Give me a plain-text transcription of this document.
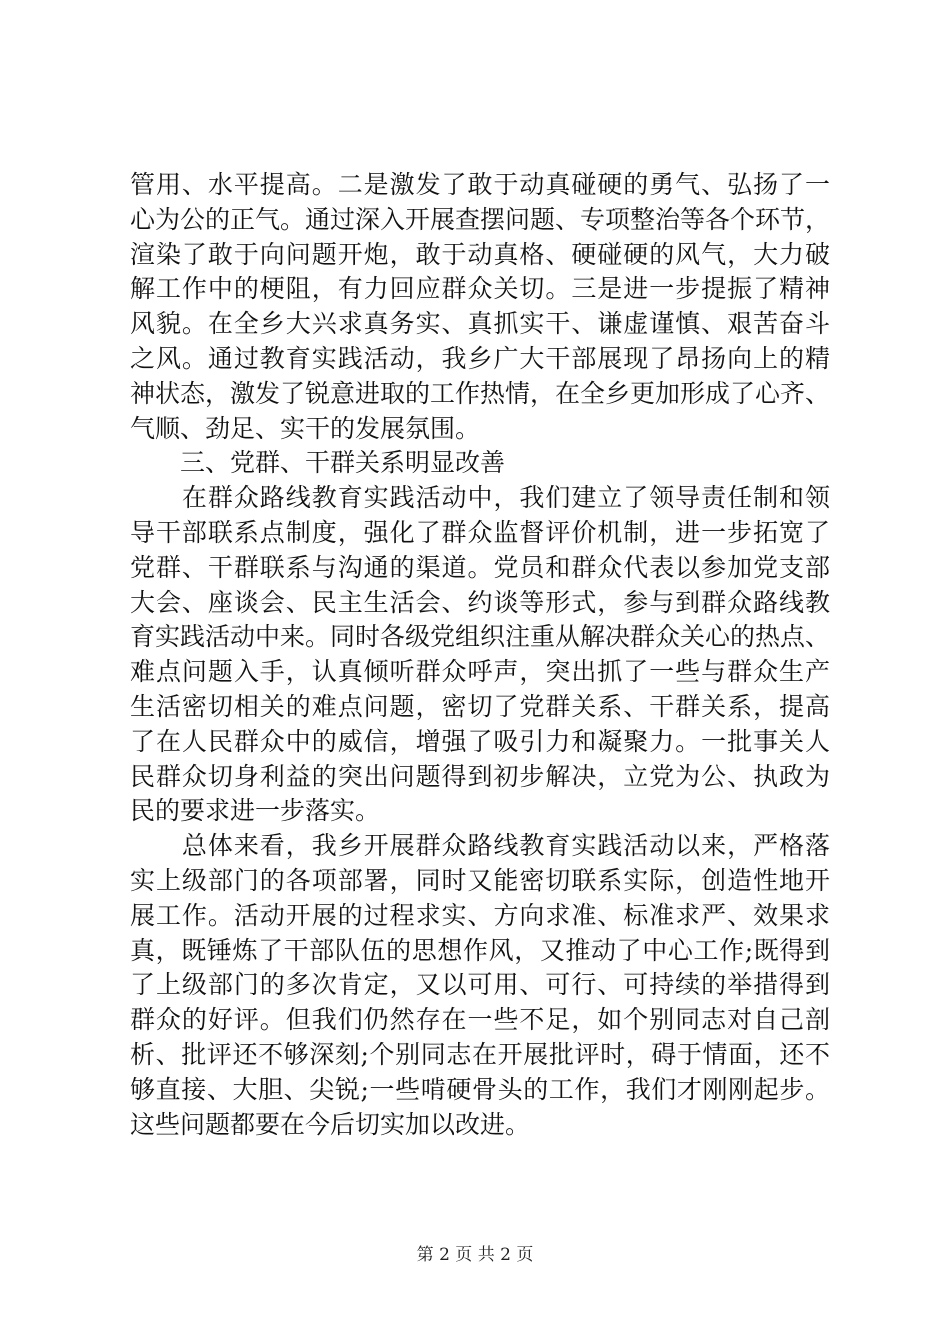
管用、水平提高。二是激发了敢于动真碰硬的勇气、弘扬了一
心为公的正气。通过深入开展查摆问题、专项整治等各个环节，
渲染了敢于向问题开炮，敢于动真格、硬碰硬的风气，大力破
解工作中的梗阻，有力回应群众关切。三是进一步提振了精神
风貌。在全乡大兴求真务实、真抓实干、谦虚谨慎、艰苦奋斗
之风。通过教育实践活动，我乡广大干部展现了昂扬向上的精
神状态，激发了锐意进取的工作热情，在全乡更加形成了心齐、
气顺、劲足、实干的发展氛围。
　　三、党群、干群关系明显改善
　　在群众路线教育实践活动中，我们建立了领导责任制和领
导干部联系点制度，强化了群众监督评价机制，进一步拓宽了
党群、干群联系与沟通的渠道。党员和群众代表以参加党支部
大会、座谈会、民主生活会、约谈等形式，参与到群众路线教
育实践活动中来。同时各级党组织注重从解决群众关心的热点、
难点问题入手，认真倾听群众呼声，突出抓了一些与群众生产
生活密切相关的难点问题，密切了党群关系、干群关系，提高
了在人民群众中的威信，增强了吸引力和凝聚力。一批事关人
民群众切身利益的突出问题得到初步解决，立党为公、执政为
民的要求进一步落实。
　　总体来看，我乡开展群众路线教育实践活动以来，严格落
实上级部门的各项部署，同时又能密切联系实际，创造性地开
展工作。活动开展的过程求实、方向求准、标准求严、效果求
真，既锤炼了干部队伍的思想作风，又推动了中心工作;既得到
了上级部门的多次肯定，又以可用、可行、可持续的举措得到
群众的好评。但我们仍然存在一些不足，如个别同志对自己剖
析、批评还不够深刻;个别同志在开展批评时，碍于情面，还不
够直接、大胆、尖锐;一些啃硬骨头的工作，我们才刚刚起步。
这些问题都要在今后切实加以改进。
第 2 页 共 2 页
